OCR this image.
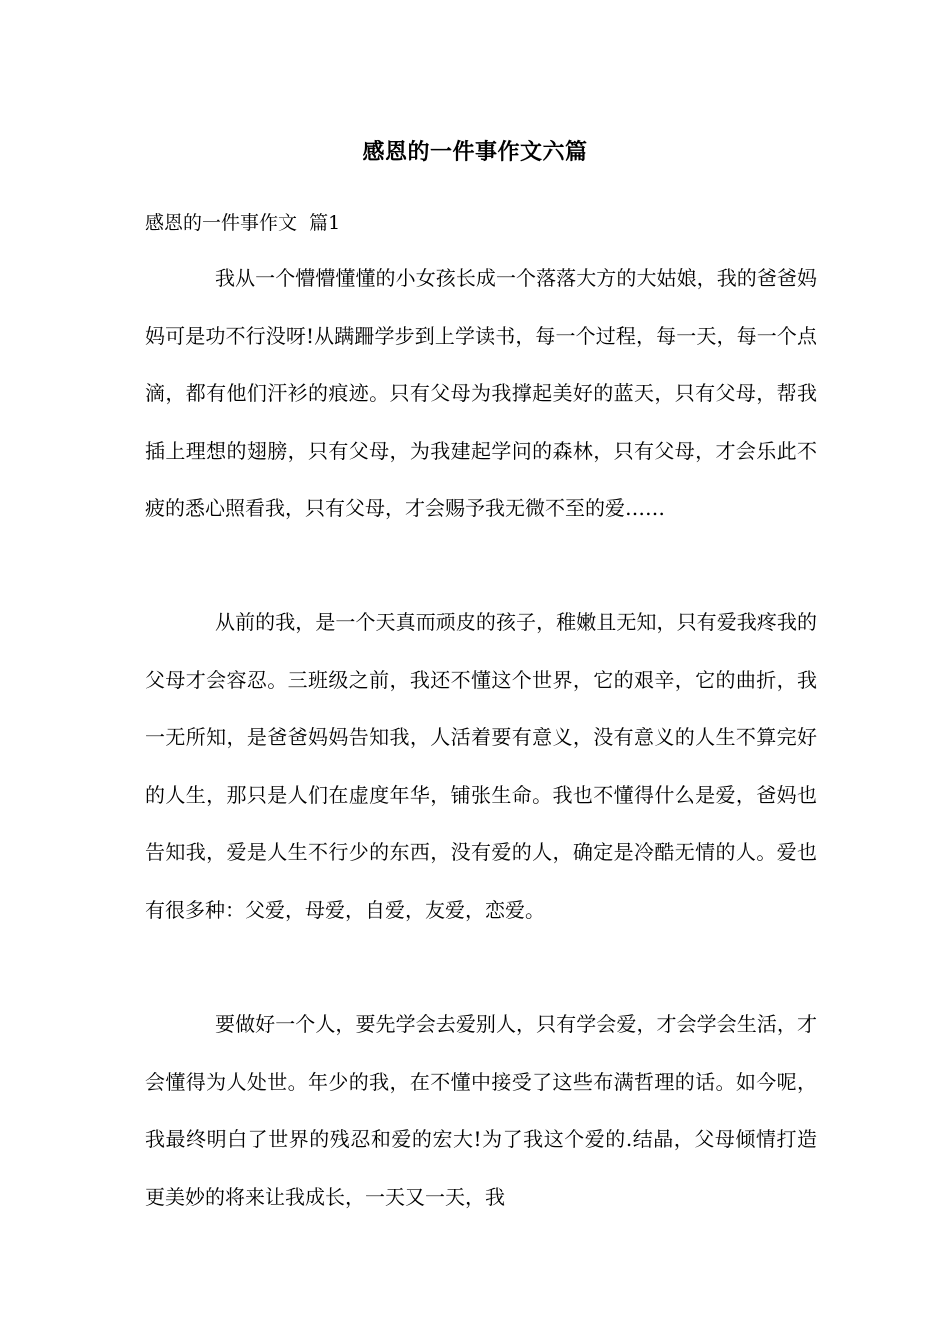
感恩的一件事作文六篇
感恩的一件事作文  篇1

我从一个懵懵懂懂的小女孩长成一个落落大方的大姑娘，我的爸爸妈妈可是功不行没呀!从蹒跚学步到上学读书，每一个过程，每一天，每一个点滴，都有他们汗衫的痕迹。只有父母为我撑起美好的蓝天，只有父母，帮我插上理想的翅膀，只有父母，为我建起学问的森林，只有父母，才会乐此不疲的悉心照看我，只有父母，才会赐予我无微不至的爱……

从前的我，是一个天真而顽皮的孩子，稚嫩且无知，只有爱我疼我的父母才会容忍。三班级之前，我还不懂这个世界，它的艰辛，它的曲折，我一无所知，是爸爸妈妈告知我，人活着要有意义，没有意义的人生不算完好的人生，那只是人们在虚度年华，铺张生命。我也不懂得什么是爱，爸妈也告知我，爱是人生不行少的东西，没有爱的人，确定是冷酷无情的人。爱也有很多种：父爱，母爱，自爱，友爱，恋爱。

要做好一个人，要先学会去爱别人，只有学会爱，才会学会生活，才会懂得为人处世。年少的我，在不懂中接受了这些布满哲理的话。如今呢，我最终明白了世界的残忍和爱的宏大!为了我这个爱的.结晶，父母倾情打造更美妙的将来让我成长，一天又一天，我
